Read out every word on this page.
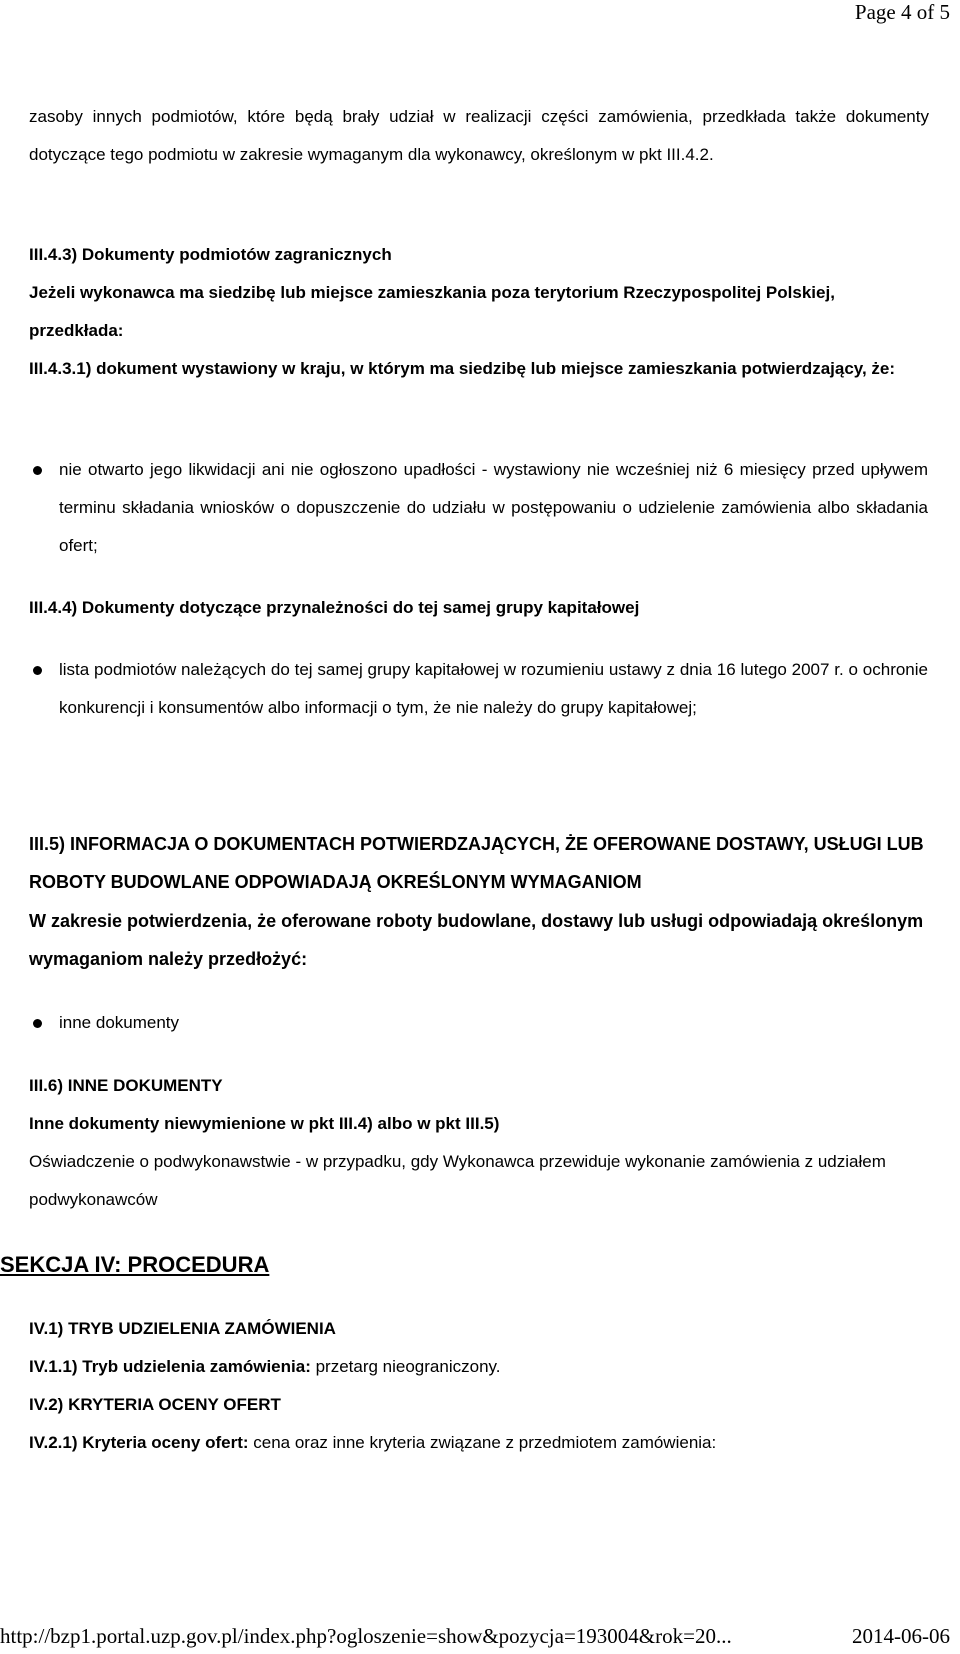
Page 4 of 5
zasoby innych podmiotów, które będą brały udział w realizacji części zamówienia, przedkłada także dokumenty dotyczące tego podmiotu w zakresie wymaganym dla wykonawcy, określonym w pkt III.4.2.
III.4.3) Dokumenty podmiotów zagranicznych
Jeżeli wykonawca ma siedzibę lub miejsce zamieszkania poza terytorium Rzeczypospolitej Polskiej, przedkłada:
III.4.3.1) dokument wystawiony w kraju, w którym ma siedzibę lub miejsce zamieszkania potwierdzający, że:
nie otwarto jego likwidacji ani nie ogłoszono upadłości - wystawiony nie wcześniej niż 6 miesięcy przed upływem terminu składania wniosków o dopuszczenie do udziału w postępowaniu o udzielenie zamówienia albo składania ofert;
III.4.4) Dokumenty dotyczące przynależności do tej samej grupy kapitałowej
lista podmiotów należących do tej samej grupy kapitałowej w rozumieniu ustawy z dnia 16 lutego 2007 r. o ochronie konkurencji i konsumentów albo informacji o tym, że nie należy do grupy kapitałowej;
III.5) INFORMACJA O DOKUMENTACH POTWIERDZAJĄCYCH, ŻE OFEROWANE DOSTAWY, USŁUGI LUB ROBOTY BUDOWLANE ODPOWIADAJĄ OKREŚLONYM WYMAGANIOM
W zakresie potwierdzenia, że oferowane roboty budowlane, dostawy lub usługi odpowiadają określonym wymaganiom należy przedłożyć:
inne dokumenty
III.6) INNE DOKUMENTY
Inne dokumenty niewymienione w pkt III.4) albo w pkt III.5)
Oświadczenie o podwykonawstwie - w przypadku, gdy Wykonawca przewiduje wykonanie zamówienia z udziałem podwykonawców
SEKCJA IV: PROCEDURA
IV.1) TRYB UDZIELENIA ZAMÓWIENIA
IV.1.1) Tryb udzielenia zamówienia: przetarg nieograniczony.
IV.2) KRYTERIA OCENY OFERT
IV.2.1) Kryteria oceny ofert: cena oraz inne kryteria związane z przedmiotem zamówienia:
http://bzp1.portal.uzp.gov.pl/index.php?ogloszenie=show&pozycja=193004&rok=20...	2014-06-06
